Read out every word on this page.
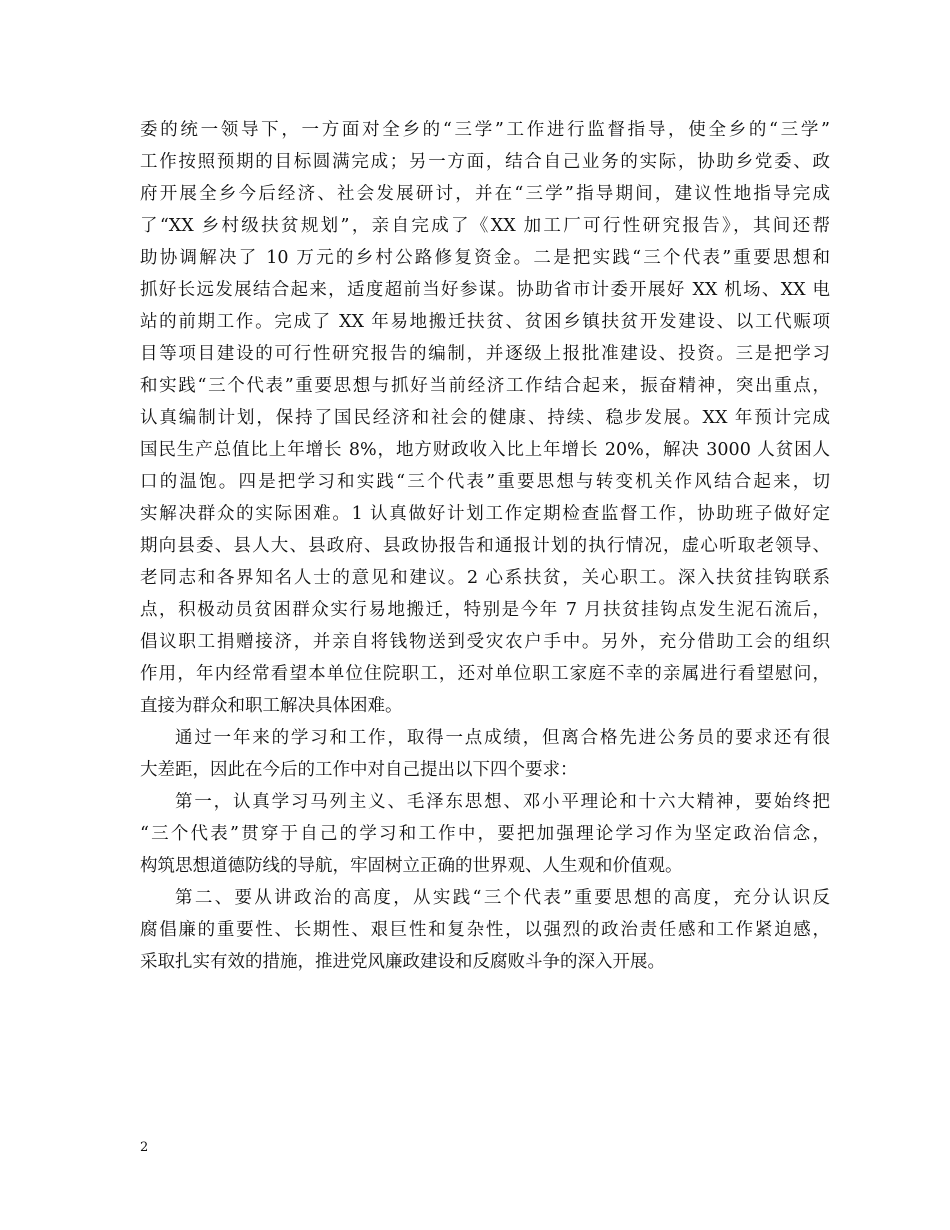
委的统一领导下，一方面对全乡的“三学”工作进行监督指导，使全乡的“三学”
工作按照预期的目标圆满完成；另一方面，结合自己业务的实际，协助乡党委、政
府开展全乡今后经济、社会发展研讨，并在“三学”指导期间，建议性地指导完成
了“XX 乡村级扶贫规划”，亲自完成了《XX 加工厂可行性研究报告》，其间还帮
助协调解决了 10 万元的乡村公路修复资金。二是把实践“三个代表”重要思想和
抓好长远发展结合起来，适度超前当好参谋。协助省市计委开展好 XX 机场、XX 电
站的前期工作。完成了 XX 年易地搬迁扶贫、贫困乡镇扶贫开发建设、以工代赈项
目等项目建设的可行性研究报告的编制，并逐级上报批准建设、投资。三是把学习
和实践“三个代表”重要思想与抓好当前经济工作结合起来，振奋精神，突出重点，
认真编制计划，保持了国民经济和社会的健康、持续、稳步发展。XX 年预计完成
国民生产总值比上年增长 8%，地方财政收入比上年增长 20%，解决 3000 人贫困人
口的温饱。四是把学习和实践“三个代表”重要思想与转变机关作风结合起来，切
实解决群众的实际困难。1 认真做好计划工作定期检查监督工作，协助班子做好定
期向县委、县人大、县政府、县政协报告和通报计划的执行情况，虚心听取老领导、
老同志和各界知名人士的意见和建议。2 心系扶贫，关心职工。深入扶贫挂钩联系
点，积极动员贫困群众实行易地搬迁，特别是今年 7 月扶贫挂钩点发生泥石流后，
倡议职工捐赠接济，并亲自将钱物送到受灾农户手中。另外，充分借助工会的组织
作用，年内经常看望本单位住院职工，还对单位职工家庭不幸的亲属进行看望慰问，
直接为群众和职工解决具体困难。
通过一年来的学习和工作，取得一点成绩，但离合格先进公务员的要求还有很
大差距，因此在今后的工作中对自己提出以下四个要求：
第一，认真学习马列主义、毛泽东思想、邓小平理论和十六大精神，要始终把
“三个代表”贯穿于自己的学习和工作中，要把加强理论学习作为坚定政治信念，
构筑思想道德防线的导航，牢固树立正确的世界观、人生观和价值观。
第二、要从讲政治的高度，从实践“三个代表”重要思想的高度，充分认识反
腐倡廉的重要性、长期性、艰巨性和复杂性，以强烈的政治责任感和工作紧迫感，
采取扎实有效的措施，推进党风廉政建设和反腐败斗争的深入开展。
2
